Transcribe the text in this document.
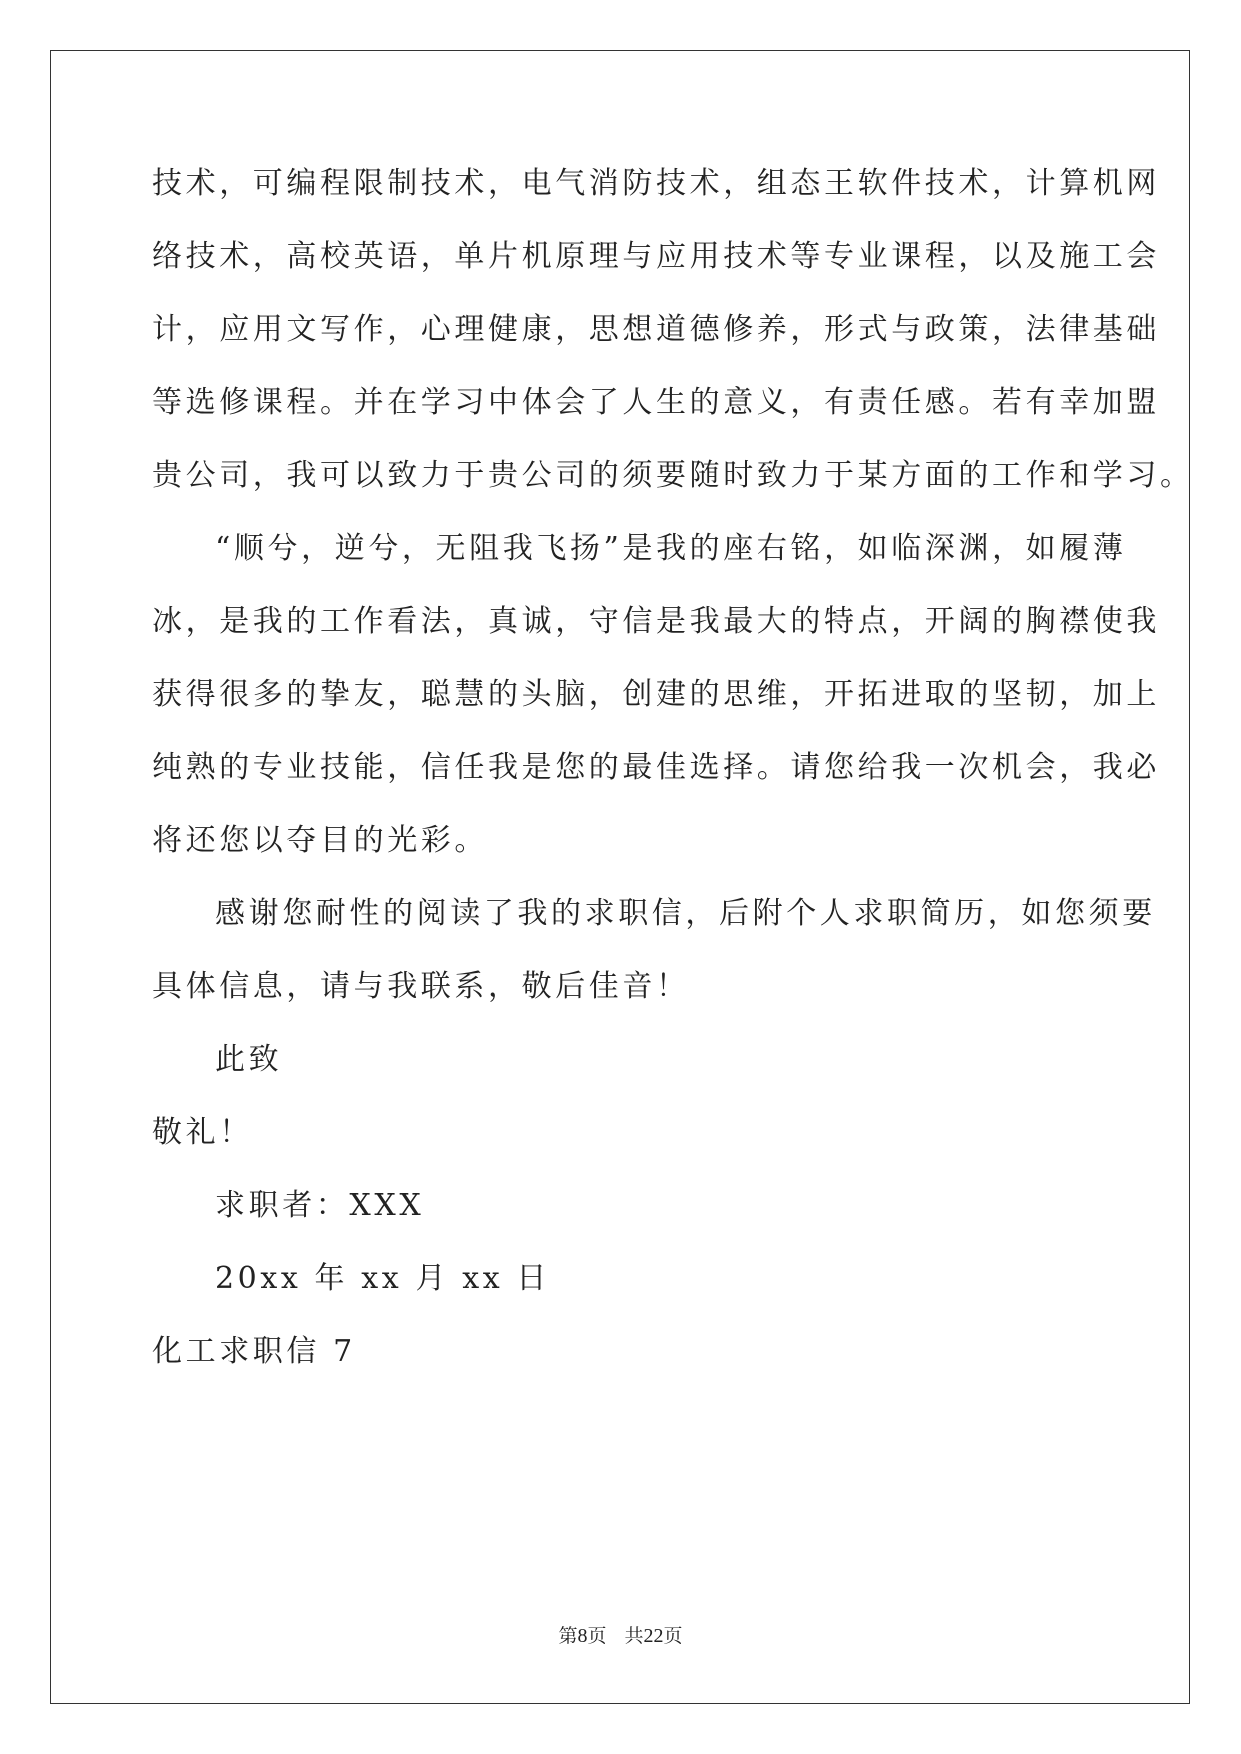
技术，可编程限制技术，电气消防技术，组态王软件技术，计算机网
络技术，高校英语，单片机原理与应用技术等专业课程，以及施工会
计，应用文写作，心理健康，思想道德修养，形式与政策，法律基础
等选修课程。并在学习中体会了人生的意义，有责任感。若有幸加盟
贵公司，我可以致力于贵公司的须要随时致力于某方面的工作和学习。
“顺兮，逆兮，无阻我飞扬”是我的座右铭，如临深渊，如履薄
冰，是我的工作看法，真诚，守信是我最大的特点，开阔的胸襟使我
获得很多的挚友，聪慧的头脑，创建的思维，开拓进取的坚韧，加上
纯熟的专业技能，信任我是您的最佳选择。请您给我一次机会，我必
将还您以夺目的光彩。
感谢您耐性的阅读了我的求职信，后附个人求职简历，如您须要
具体信息，请与我联系，敬后佳音！
此致
敬礼！
求职者：XXX
20xx 年 xx 月 xx 日
化工求职信 7
第8页 共22页
